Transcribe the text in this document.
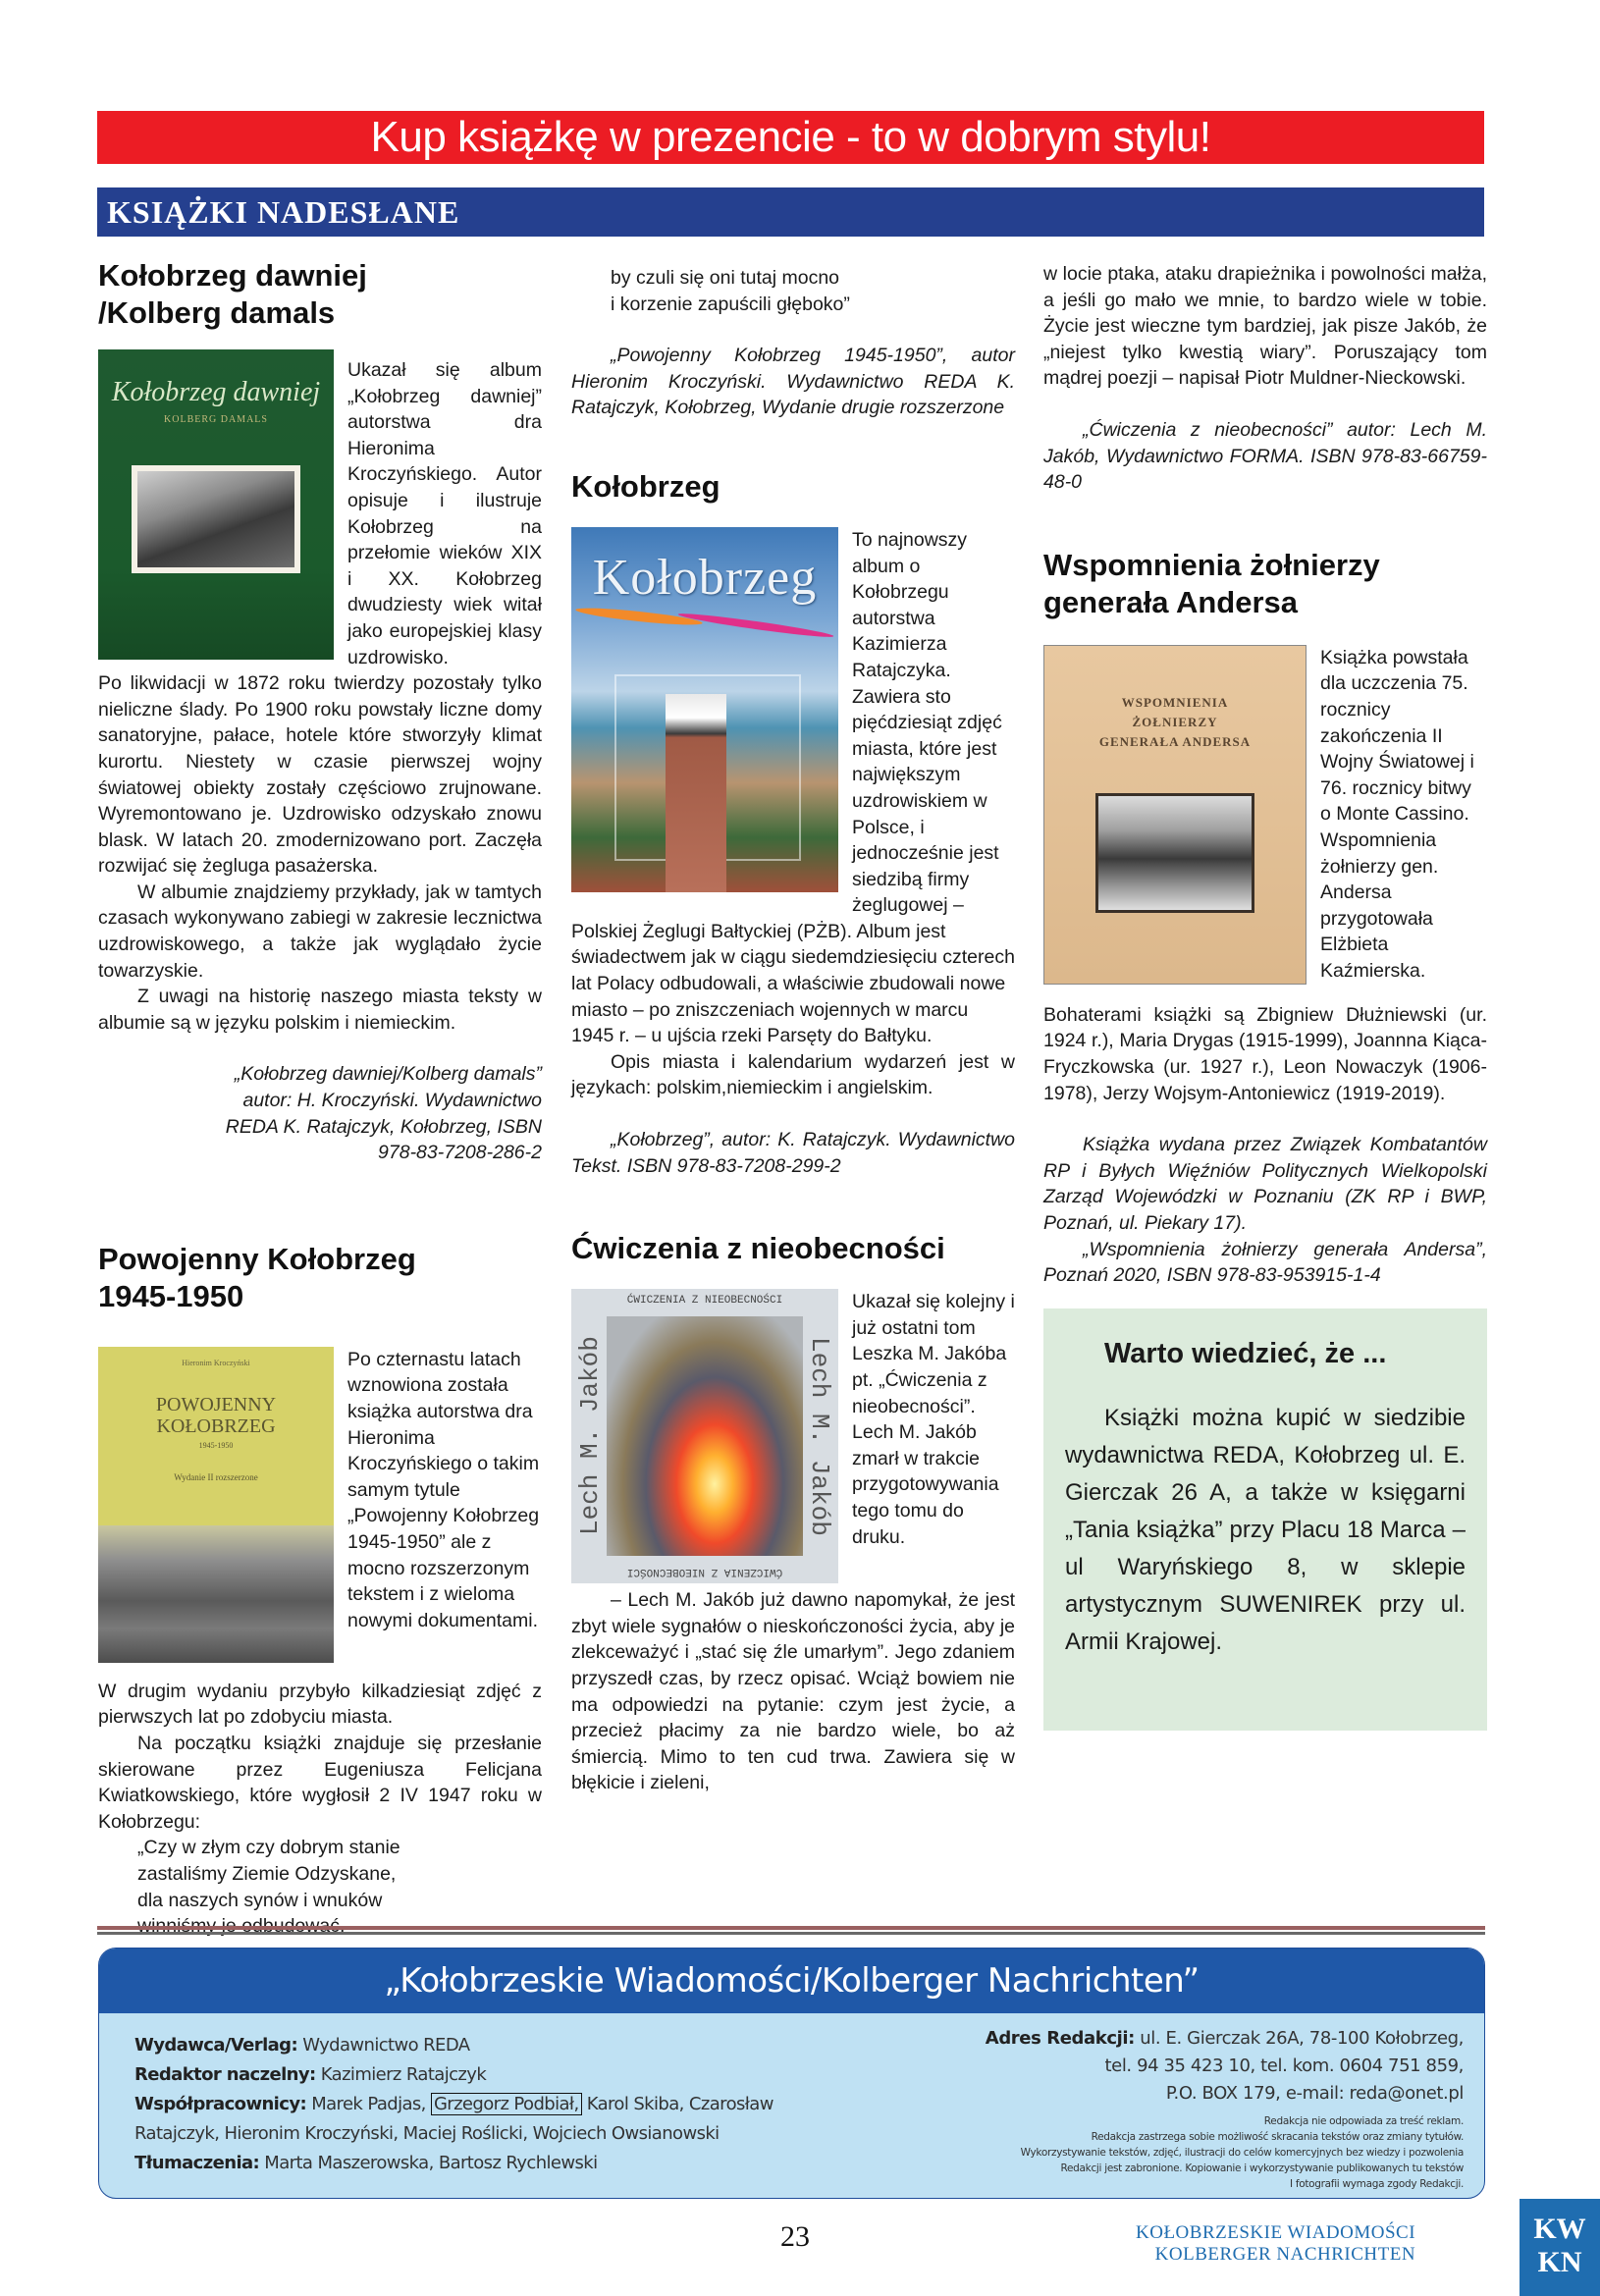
Kup książkę w prezencie - to w dobrym stylu!
KSIĄŻKI NADESŁANE
Kołobrzeg dawniej /Kolberg damals
Kołobrzeg dawniej
KOLBERG DAMALS

Ukazał się album „Kołobrzeg dawniej” autorstwa dra Hieronima Kroczyńskiego. Autor opisuje i ilustruje Kołobrzeg na przełomie wieków XIX i XX. Kołobrzeg dwudziesty wiek witał jako europejskiej klasy uzdrowisko.

Po likwidacji w 1872 roku twierdzy pozostały tylko nieliczne ślady. Po 1900 roku powstały liczne domy sanatoryjne, pałace, hotele które stworzyły klimat kurortu. Niestety w czasie pierwszej wojny światowej obiekty zostały częściowo zrujnowane. Wyremontowano je. Uzdrowisko odzyskało znowu blask. W latach 20. zmodernizowano port. Zaczęła rozwijać się żegluga pasażerska.

W albumie znajdziemy przykłady, jak w tamtych czasach wykonywano zabiegi w zakresie lecznictwa uzdrowiskowego, a także jak wyglądało życie towarzyskie.

Z uwagi na historię naszego miasta teksty w albumie są w języku polskim i niemieckim.

„Kołobrzeg dawniej/Kolberg damals” autor: H. Kroczyński. Wydawnictwo REDA K. Ratajczyk, Kołobrzeg, ISBN 978-83-7208-286-2

Powojenny Kołobrzeg 1945-1950
Hieronim Kroczyński
POWOJENNY KOŁOBRZEG
1945-1950
Wydanie II rozszerzone

Po czternastu latach wznowiona została książka autorstwa dra Hieronima Kroczyńskiego o takim samym tytule „Powojenny Kołobrzeg 1945-1950” ale z mocno rozszerzonym tekstem i z wieloma nowymi dokumentami.

W drugim wydaniu przybyło kilkadziesiąt zdjęć z pierwszych lat po zdobyciu miasta.

Na początku książki znajduje się przesłanie skierowane przez Eugeniusza Felicjana Kwiatkowskiego, które wygłosił 2 IV 1947 roku w Kołobrzegu:

„Czy w złym czy dobrym stanie
zastaliśmy Ziemie Odzyskane,
dla naszych synów i wnuków
by czuli się oni tutaj mocno
i korzenie zapuścili głęboko”

„Powojenny Kołobrzeg 1945-1950”, autor Hieronim Kroczyński. Wydawnictwo REDA K. Ratajczyk, Kołobrzeg, Wydanie drugie rozszerzone

Kołobrzeg
Kołobrzeg

To najnowszy album o Kołobrzegu autorstwa Kazimierza Ratajczyka. Zawiera sto pięćdziesiąt zdjęć miasta, które jest największym uzdrowiskiem w Polsce, i jednocześnie jest siedzibą firmy żeglugowej – Polskiej Żeglugi Bałtyckiej (PŻB). Album jest świadectwem jak w ciągu siedemdziesięciu czterech lat Polacy odbudowali, a właściwie zbudowali nowe miasto – po zniszczeniach wojennych w marcu 1945 r. – u ujścia rzeki Parsęty do Bałtyku.

Opis miasta i kalendarium wydarzeń jest w językach: polskim,niemieckim i angielskim.

„Kołobrzeg”, autor: K. Ratajczyk. Wydawnictwo Tekst. ISBN 978-83-7208-299-2

Ćwiczenia z nieobecności
ĆWICZENIA Z NIEOBECNOŚCI
ĆWICZENIA Z NIEOBECNOŚCI
Lech M. Jakób	Lech M. Jakób

Ukazał się kolejny i już ostatni tom Leszka M. Jakóba pt. „Ćwiczenia z nieobecności”. Lech M. Jakób zmarł w trakcie przygotowywania tego tomu do druku.

– Lech M. Jakób już dawno napomykał, że jest zbyt wiele sygnałów o nieskończoności życia, aby je zlekceważyć i „stać się źle umarłym”. Jego zdaniem przyszedł czas, by rzecz opisać. Wciąż bowiem nie ma odpowiedzi na pytanie: czym jest życie, a przecież płacimy za nie bardzo wiele, bo aż śmiercią. Mimo to ten cud trwa. Zawiera się w błękicie i zieleni,

w locie ptaka, ataku drapieżnika i powolności małża, a jeśli go mało we mnie, to bardzo wiele w tobie. Życie jest wieczne tym bardziej, jak pisze Jakób, że „niejest tylko kwestią wiary”. Poruszający tom mądrej poezji – napisał Piotr Muldner-Nieckowski.

„Ćwiczenia z nieobecności” autor: Lech M. Jakób, Wydawnictwo FORMA. ISBN 978-83-66759-48-0

Wspomnienia żołnierzy generała Andersa
WSPOMNIENIA
ŻOŁNIERZY
GENERAŁA ANDERSA

Książka powstała dla uczczenia 75. rocznicy zakończenia II Wojny Światowej i 76. rocznicy bitwy o Monte Cassino. Wspomnienia żołnierzy gen. Andersa przygotowała Elżbieta Kaźmierska.

Bohaterami książki są Zbigniew Dłużniewski (ur. 1924 r.), Maria Drygas (1915-1999), Joannna Kiąca-Fryczkowska (ur. 1927 r.), Leon Nowaczyk (1906-1978), Jerzy Wojsym-Antoniewicz (1919-2019).

Książka wydana przez Związek Kombatantów RP i Byłych Więźniów Politycznych Wielkopolski Zarząd Wojewódzki w Poznaniu (ZK RP i BWP, Poznań, ul. Piekary 17).

„Wspomnienia żołnierzy generała Andersa”, Poznań 2020, ISBN 978-83-953915-1-4

Warto wiedzieć, że ...

Książki można kupić w siedzibie wydawnictwa REDA, Kołobrzeg ul. E. Gierczak 26 A, a także w księgarni „Tania książka” przy Placu 18 Marca – ul Waryńskiego 8, w sklepie artystycznym SUWENIREK przy ul. Armii Krajowej.

„Kołobrzeskie Wiadomości/Kolberger Nachrichten”
Wydawca/Verlag: Wydawnictwo REDA
Redaktor naczelny: Kazimierz Ratajczyk
Współpracownicy: Marek Padjas, Grzegorz Podbiał, Karol Skiba, Czarosław Ratajczyk, Hieronim Kroczyński, Maciej Roślicki, Wojciech Owsianowski
Tłumaczenia: Marta Maszerowska, Bartosz Rychlewski
Adres Redakcji: ul. E. Gierczak 26A, 78-100 Kołobrzeg,
tel. 94 35 423 10, tel. kom. 0604 751 859,
P.O. BOX 179, e-mail: reda@onet.pl
Redakcja nie odpowiada za treść reklam.
Redakcja zastrzega sobie możliwość skracania tekstów oraz zmiany tytułów.
Wykorzystywanie tekstów, zdjęć, ilustracji do celów komercyjnych bez wiedzy i pozwolenia
Redakcji jest zabronione. Kopiowanie i wykorzystywanie publikowanych tu tekstów
I fotografii wymaga zgody Redakcji.
23	KOŁOBRZESKIE WIADOMOŚCI
KOLBERGER NACHRICHTEN
KW
KN
